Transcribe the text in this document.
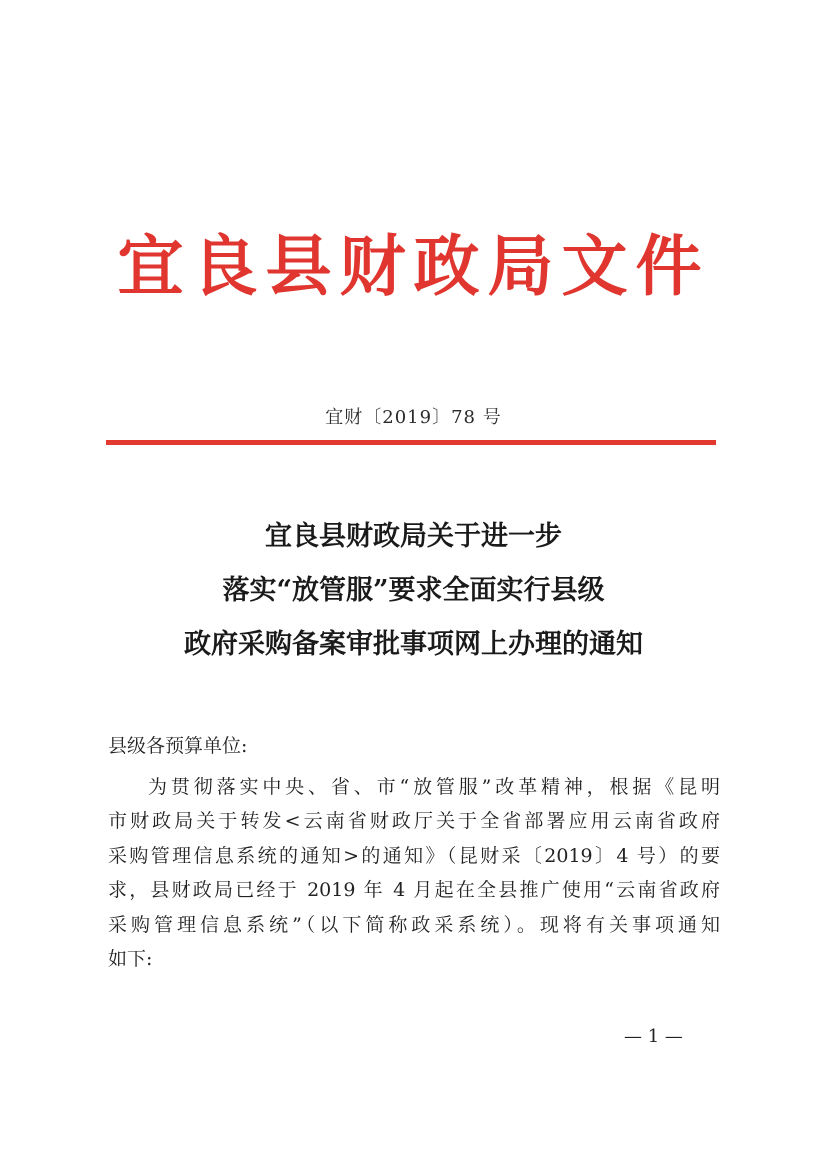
宜良县财政局文件
宜财〔2019〕78 号
宜良县财政局关于进一步
落实“放管服”要求全面实行县级
政府采购备案审批事项网上办理的通知
县级各预算单位:
为贯彻落实中央、省、市“放管服”改革精神，根据《昆明
市财政局关于转发<云南省财政厅关于全省部署应用云南省政府
采购管理信息系统的通知>的通知》（昆财采〔2019〕4 号）的要
求，县财政局已经于 2019 年 4 月起在全县推广使用“云南省政府
采购管理信息系统”（以下简称政采系统）。现将有关事项通知
如下:
— 1 —
